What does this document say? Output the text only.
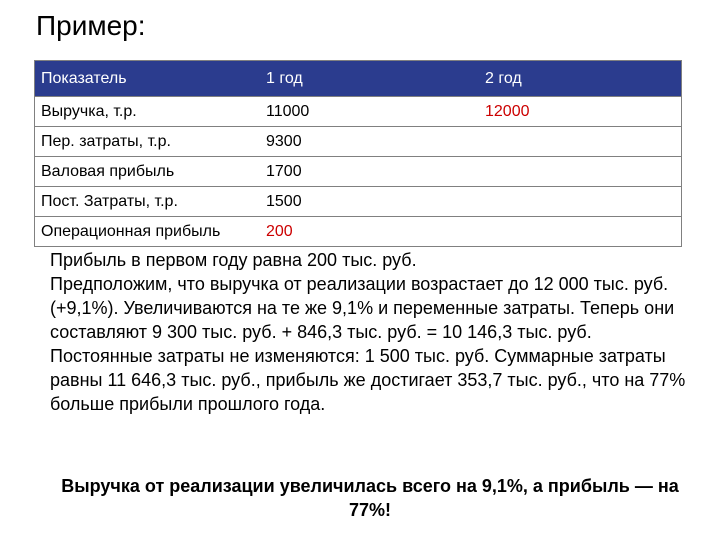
Пример:
Показатель	1 год	2 год
Выручка, т.р.	11000	12000
Пер. затраты, т.р.	9300	
Валовая прибыль	1700	
Пост. Затраты, т.р.	1500	
Операционная прибыль	200	

Прибыль в первом году равна 200 тыс. руб.

Предположим, что выручка от реализации возрастает до 12 000 тыс. руб. (+9,1%). Увеличиваются на те же 9,1% и переменные затраты. Теперь они составляют 9 300 тыс. руб. + 846,3 тыс. руб. = 10 146,3 тыс. руб. Постоянные затраты не изменяются: 1 500 тыс. руб. Суммарные затраты равны 11 646,3 тыс. руб., прибыль же достигает 353,7 тыс. руб., что на 77% больше прибыли прошлого года.

Выручка от реализации увеличилась всего на 9,1%, а прибыль — на 77%!
